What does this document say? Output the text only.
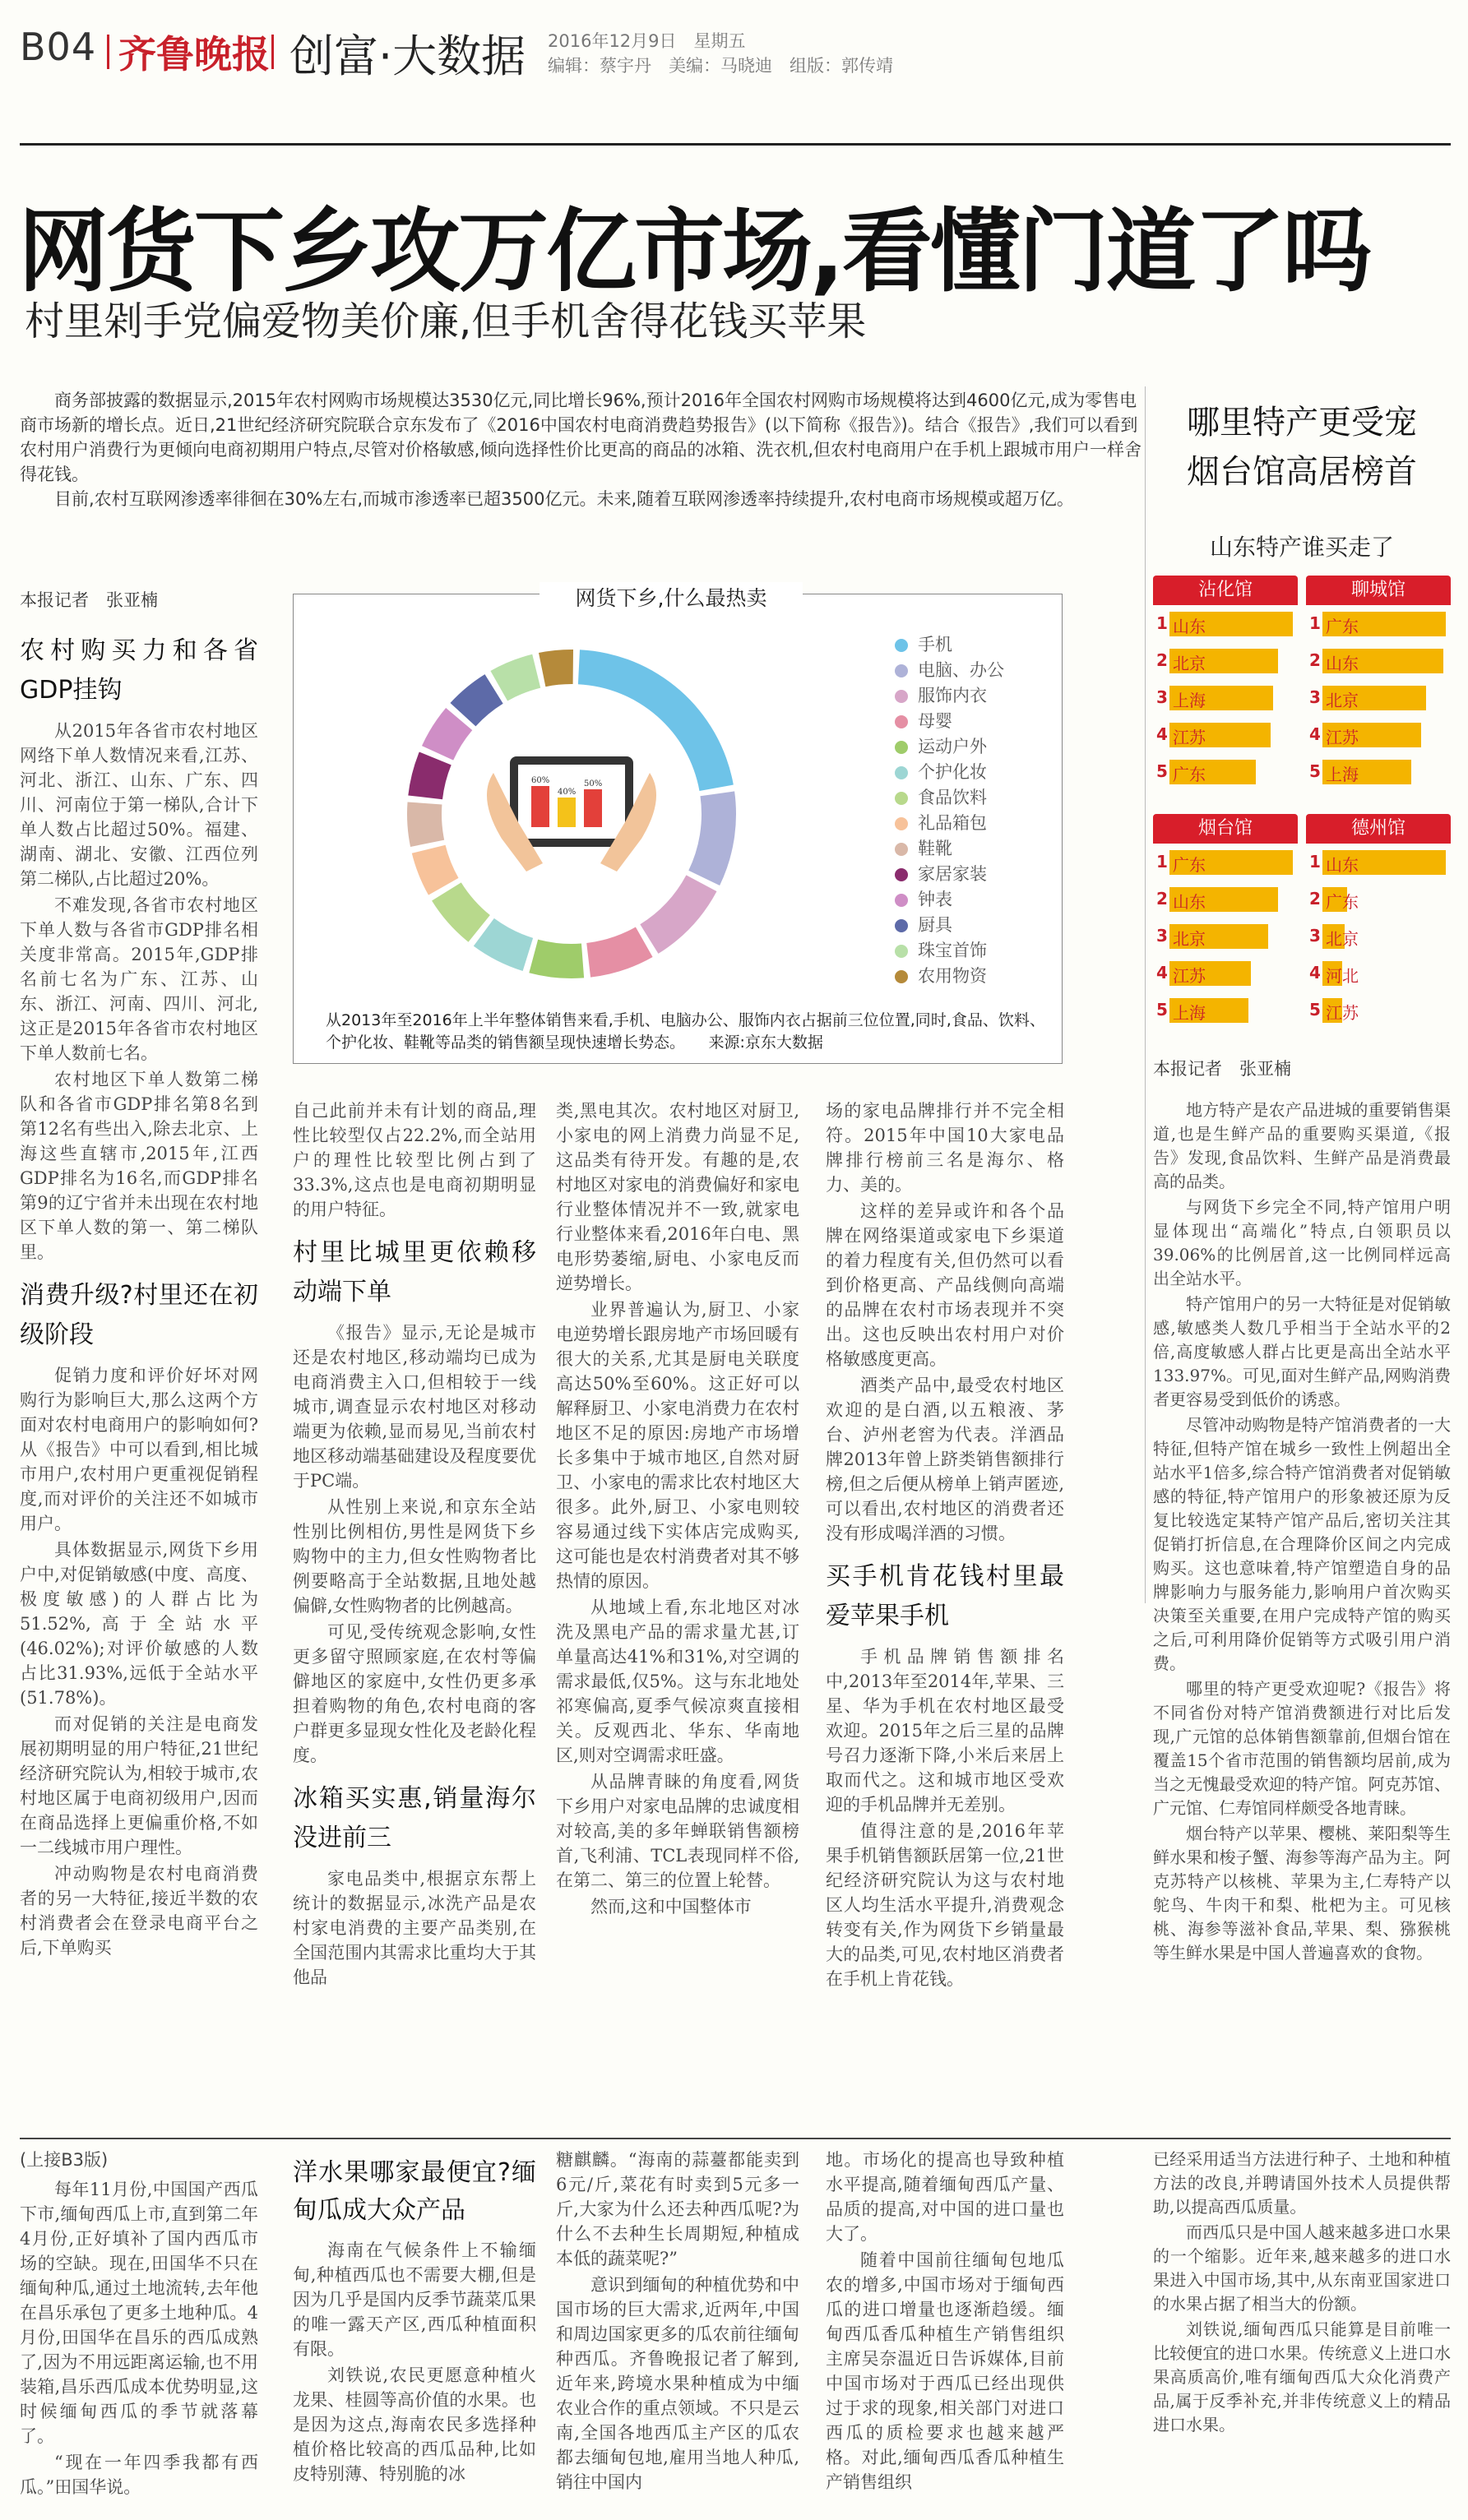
B04 齐鲁晚报 创富·大数据 2016年12月9日　星期五
编辑：蔡宇丹　美编：马晓迪　组版：郭传靖
网货下乡攻万亿市场,看懂门道了吗
村里剁手党偏爱物美价廉,但手机舍得花钱买苹果

商务部披露的数据显示,2015年农村网购市场规模达3530亿元,同比增长96%,预计2016年全国农村网购市场规模将达到4600亿元,成为零售电商市场新的增长点。近日,21世纪经济研究院联合京东发布了《2016中国农村电商消费趋势报告》(以下简称《报告》)。结合《报告》,我们可以看到农村用户消费行为更倾向电商初期用户特点,尽管对价格敏感,倾向选择性价比更高的商品的冰箱、洗衣机,但农村电商用户在手机上跟城市用户一样舍得花钱。

目前,农村互联网渗透率徘徊在30%左右,而城市渗透率已超3500亿元。未来,随着互联网渗透率持续提升,农村电商市场规模或超万亿。

本报记者　张亚楠
农村购买力和各省GDP挂钩

从2015年各省市农村地区网络下单人数情况来看,江苏、河北、浙江、山东、广东、四川、河南位于第一梯队,合计下单人数占比超过50%。福建、湖南、湖北、安徽、江西位列第二梯队,占比超过20%。

不难发现,各省市农村地区下单人数与各省市GDP排名相关度非常高。2015年,GDP排名前七名为广东、江苏、山东、浙江、河南、四川、河北,这正是2015年各省市农村地区下单人数前七名。

农村地区下单人数第二梯队和各省市GDP排名第8名到第12名有些出入,除去北京、上海这些直辖市,2015年,江西GDP排名为16名,而GDP排名第9的辽宁省并未出现在农村地区下单人数的第一、第二梯队里。

消费升级?村里还在初级阶段

促销力度和评价好坏对网购行为影响巨大,那么这两个方面对农村电商用户的影响如何?从《报告》中可以看到,相比城市用户,农村用户更重视促销程度,而对评价的关注还不如城市用户。

具体数据显示,网货下乡用户中,对促销敏感(中度、高度、极度敏感)的人群占比为51.52%,高于全站水平(46.02%);对评价敏感的人数占比31.93%,远低于全站水平(51.78%)。

而对促销的关注是电商发展初期明显的用户特征,21世纪经济研究院认为,相较于城市,农村地区属于电商初级用户,因而在商品选择上更偏重价格,不如一二线城市用户理性。

冲动购物是农村电商消费者的另一大特征,接近半数的农村消费者会在登录电商平台之后,下单购买

网货下乡,什么最热卖
60%
40%
50%
手机
电脑、办公
服饰内衣
母婴
运动户外
个护化妆
食品饮料
礼品箱包
鞋靴
家居家装
钟表
厨具
珠宝首饰
农用物资
从2013年至2016年上半年整体销售来看,手机、电脑办公、服饰内衣占据前三位位置,同时,食品、饮料、个护化妆、鞋靴等品类的销售额呈现快速增长势态。　　来源:京东大数据

自己此前并未有计划的商品,理性比较型仅占22.2%,而全站用户的理性比较型比例占到了33.3%,这点也是电商初期明显的用户特征。

村里比城里更依赖移动端下单

《报告》显示,无论是城市还是农村地区,移动端均已成为电商消费主入口,但相较于一线城市,调查显示农村地区对移动端更为依赖,显而易见,当前农村地区移动端基础建设及程度要优于PC端。

从性别上来说,和京东全站性别比例相仿,男性是网货下乡购物中的主力,但女性购物者比例要略高于全站数据,且地处越偏僻,女性购物者的比例越高。

可见,受传统观念影响,女性更多留守照顾家庭,在农村等偏僻地区的家庭中,女性仍更多承担着购物的角色,农村电商的客户群更多显现女性化及老龄化程度。

冰箱买实惠,销量海尔没进前三

家电品类中,根据京东帮上统计的数据显示,冰洗产品是农村家电消费的主要产品类别,在全国范围内其需求比重均大于其他品

类,黑电其次。农村地区对厨卫,小家电的网上消费力尚显不足,这品类有待开发。有趣的是,农村地区对家电的消费偏好和家电行业整体情况并不一致,就家电行业整体来看,2016年白电、黑电形势萎缩,厨电、小家电反而逆势增长。

业界普遍认为,厨卫、小家电逆势增长跟房地产市场回暖有很大的关系,尤其是厨电关联度高达50%至60%。这正好可以解释厨卫、小家电消费力在农村地区不足的原因:房地产市场增长多集中于城市地区,自然对厨卫、小家电的需求比农村地区大很多。此外,厨卫、小家电则较容易通过线下实体店完成购买,这可能也是农村消费者对其不够热情的原因。

从地域上看,东北地区对冰洗及黑电产品的需求量尤甚,订单量高达41%和31%,对空调的需求最低,仅5%。这与东北地处祁寒偏高,夏季气候凉爽直接相关。反观西北、华东、华南地区,则对空调需求旺盛。

从品牌青睐的角度看,网货下乡用户对家电品牌的忠诚度相对较高,美的多年蝉联销售额榜首,飞利浦、TCL表现同样不俗,在第二、第三的位置上轮替。

然而,这和中国整体市

场的家电品牌排行并不完全相符。2015年中国10大家电品牌排行榜前三名是海尔、格力、美的。

这样的差异或许和各个品牌在网络渠道或家电下乡渠道的着力程度有关,但仍然可以看到价格更高、产品线侧向高端的品牌在农村市场表现并不突出。这也反映出农村用户对价格敏感度更高。

酒类产品中,最受农村地区欢迎的是白酒,以五粮液、茅台、泸州老窖为代表。洋酒品牌2013年曾上跻类销售额排行榜,但之后便从榜单上销声匿迹,可以看出,农村地区的消费者还没有形成喝洋酒的习惯。

买手机肯花钱村里最爱苹果手机

手机品牌销售额排名中,2013年至2014年,苹果、三星、华为手机在农村地区最受欢迎。2015年之后三星的品牌号召力逐渐下降,小米后来居上取而代之。这和城市地区受欢迎的手机品牌并无差别。

值得注意的是,2016年苹果手机销售额跃居第一位,21世纪经济研究院认为这与农村地区人均生活水平提升,消费观念转变有关,作为网货下乡销量最大的品类,可见,农村地区消费者在手机上肯花钱。

哪里特产更受宠
烟台馆高居榜首
山东特产谁买走了
沾化馆
1 山东
2 北京
3 上海
4 江苏
5 广东
聊城馆
1 广东
2 山东
3 北京
4 江苏
5 上海
烟台馆
1 广东
2 山东
3 北京
4 江苏
5 上海
德州馆
1 山东
2 广东
3 北京
4 河北
5 江苏
本报记者　张亚楠

地方特产是农产品进城的重要销售渠道,也是生鲜产品的重要购买渠道,《报告》发现,食品饮料、生鲜产品是消费最高的品类。

与网货下乡完全不同,特产馆用户明显体现出“高端化”特点,白领职员以39.06%的比例居首,这一比例同样远高出全站水平。

特产馆用户的另一大特征是对促销敏感,敏感类人数几乎相当于全站水平的2倍,高度敏感人群占比更是高出全站水平133.97%。可见,面对生鲜产品,网购消费者更容易受到低价的诱惑。

尽管冲动购物是特产馆消费者的一大特征,但特产馆在城乡一致性上例超出全站水平1倍多,综合特产馆消费者对促销敏感的特征,特产馆用户的形象被还原为反复比较选定某特产馆产品后,密切关注其促销打折信息,在合理降价区间之内完成购买。这也意味着,特产馆塑造自身的品牌影响力与服务能力,影响用户首次购买决策至关重要,在用户完成特产馆的购买之后,可利用降价促销等方式吸引用户消费。

哪里的特产更受欢迎呢?《报告》将不同省份对特产馆消费额进行对比后发现,广元馆的总体销售额靠前,但烟台馆在覆盖15个省市范围的销售额均居前,成为当之无愧最受欢迎的特产馆。阿克苏馆、广元馆、仁寿馆同样颇受各地青睐。

烟台特产以苹果、樱桃、莱阳梨等生鲜水果和梭子蟹、海参等海产品为主。阿克苏特产以核桃、苹果为主,仁寿特产以鸵鸟、牛肉干和梨、枇杷为主。可见核桃、海参等滋补食品,苹果、梨、猕猴桃等生鲜水果是中国人普遍喜欢的食物。

(上接B3版)

每年11月份,中国国产西瓜下市,缅甸西瓜上市,直到第二年4月份,正好填补了国内西瓜市场的空缺。现在,田国华不只在缅甸种瓜,通过土地流转,去年他在昌乐承包了更多土地种瓜。4月份,田国华在昌乐的西瓜成熟了,因为不用远距离运输,也不用装箱,昌乐西瓜成本优势明显,这时候缅甸西瓜的季节就落幕了。

“现在一年四季我都有西瓜。”田国华说。

洋水果哪家最便宜?缅甸瓜成大众产品

海南在气候条件上不输缅甸,种植西瓜也不需要大棚,但是因为几乎是国内反季节蔬菜瓜果的唯一露天产区,西瓜种植面积有限。

刘铁说,农民更愿意种植火龙果、桂圆等高价值的水果。也是因为这点,海南农民多选择种植价格比较高的西瓜品种,比如皮特别薄、特别脆的冰

糖麒麟。“海南的蒜薹都能卖到6元/斤,菜花有时卖到5元多一斤,大家为什么还去种西瓜呢?为什么不去种生长周期短,种植成本低的蔬菜呢?”

意识到缅甸的种植优势和中国市场的巨大需求,近两年,中国和周边国家更多的瓜农前往缅甸种西瓜。齐鲁晚报记者了解到,近年来,跨境水果种植成为中缅农业合作的重点领域。不只是云南,全国各地西瓜主产区的瓜农都去缅甸包地,雇用当地人种瓜,销往中国内

地。市场化的提高也导致种植水平提高,随着缅甸西瓜产量、品质的提高,对中国的进口量也大了。

随着中国前往缅甸包地瓜农的增多,中国市场对于缅甸西瓜的进口增量也逐渐趋缓。缅甸西瓜香瓜种植生产销售组织主席吴奈温近日告诉媒体,目前中国市场对于西瓜已经出现供过于求的现象,相关部门对进口西瓜的质检要求也越来越严格。对此,缅甸西瓜香瓜种植生产销售组织

已经采用适当方法进行种子、土地和种植方法的改良,并聘请国外技术人员提供帮助,以提高西瓜质量。

而西瓜只是中国人越来越多进口水果的一个缩影。近年来,越来越多的进口水果进入中国市场,其中,从东南亚国家进口的水果占据了相当大的份额。

刘铁说,缅甸西瓜只能算是目前唯一比较便宜的进口水果。传统意义上进口水果高质高价,唯有缅甸西瓜大众化消费产品,属于反季补充,并非传统意义上的精品进口水果。
